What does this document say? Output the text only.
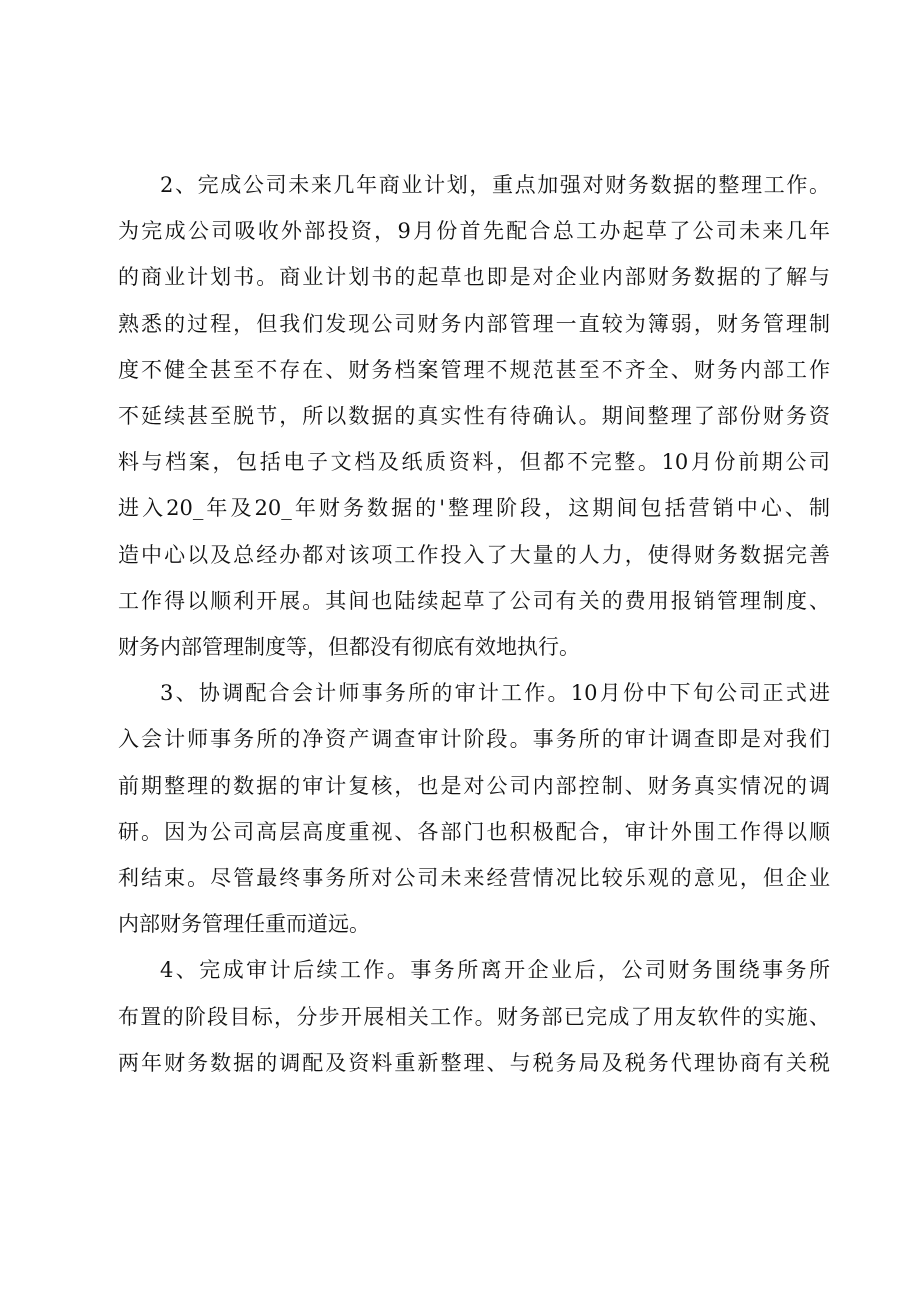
2、完成公司未来几年商业计划，重点加强对财务数据的整理工作。
为完成公司吸收外部投资，9月份首先配合总工办起草了公司未来几年
的商业计划书。商业计划书的起草也即是对企业内部财务数据的了解与
熟悉的过程，但我们发现公司财务内部管理一直较为簿弱，财务管理制
度不健全甚至不存在、财务档案管理不规范甚至不齐全、财务内部工作
不延续甚至脱节，所以数据的真实性有待确认。期间整理了部份财务资
料与档案，包括电子文档及纸质资料，但都不完整。10月份前期公司
进入20_年及20_年财务数据的'整理阶段，这期间包括营销中心、制
造中心以及总经办都对该项工作投入了大量的人力，使得财务数据完善
工作得以顺利开展。其间也陆续起草了公司有关的费用报销管理制度、
财务内部管理制度等，但都没有彻底有效地执行。

3、协调配合会计师事务所的审计工作。10月份中下旬公司正式进
入会计师事务所的净资产调查审计阶段。事务所的审计调查即是对我们
前期整理的数据的审计复核，也是对公司内部控制、财务真实情况的调
研。因为公司高层高度重视、各部门也积极配合，审计外围工作得以顺
利结束。尽管最终事务所对公司未来经营情况比较乐观的意见，但企业
内部财务管理任重而道远。

4、完成审计后续工作。事务所离开企业后，公司财务围绕事务所
布置的阶段目标，分步开展相关工作。财务部已完成了用友软件的实施、
两年财务数据的调配及资料重新整理、与税务局及税务代理协商有关税
